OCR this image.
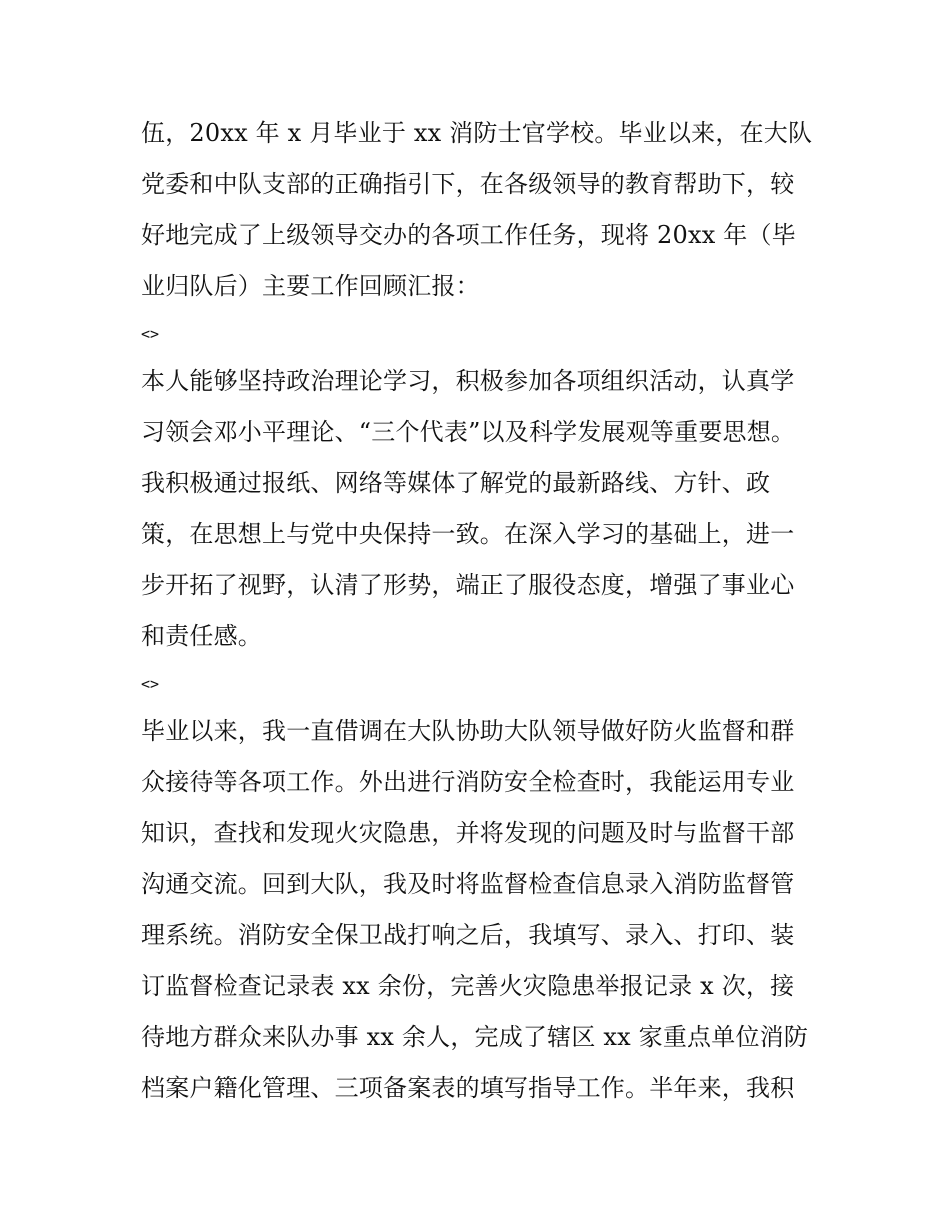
伍，20xx 年 x 月毕业于 xx 消防士官学校。毕业以来，在大队
党委和中队支部的正确指引下，在各级领导的教育帮助下，较
好地完成了上级领导交办的各项工作任务，现将 20xx 年（毕
业归队后）主要工作回顾汇报：
<>
本人能够坚持政治理论学习，积极参加各项组织活动，认真学
习领会邓小平理论、“三个代表”以及科学发展观等重要思想。
我积极通过报纸、网络等媒体了解党的最新路线、方针、政
策，在思想上与党中央保持一致。在深入学习的基础上，进一
步开拓了视野，认清了形势，端正了服役态度，增强了事业心
和责任感。
<>
毕业以来，我一直借调在大队协助大队领导做好防火监督和群
众接待等各项工作。外出进行消防安全检查时，我能运用专业
知识，查找和发现火灾隐患，并将发现的问题及时与监督干部
沟通交流。回到大队，我及时将监督检查信息录入消防监督管
理系统。消防安全保卫战打响之后，我填写、录入、打印、装
订监督检查记录表 xx 余份，完善火灾隐患举报记录 x 次，接
待地方群众来队办事 xx 余人，完成了辖区 xx 家重点单位消防
档案户籍化管理、三项备案表的填写指导工作。半年来，我积
